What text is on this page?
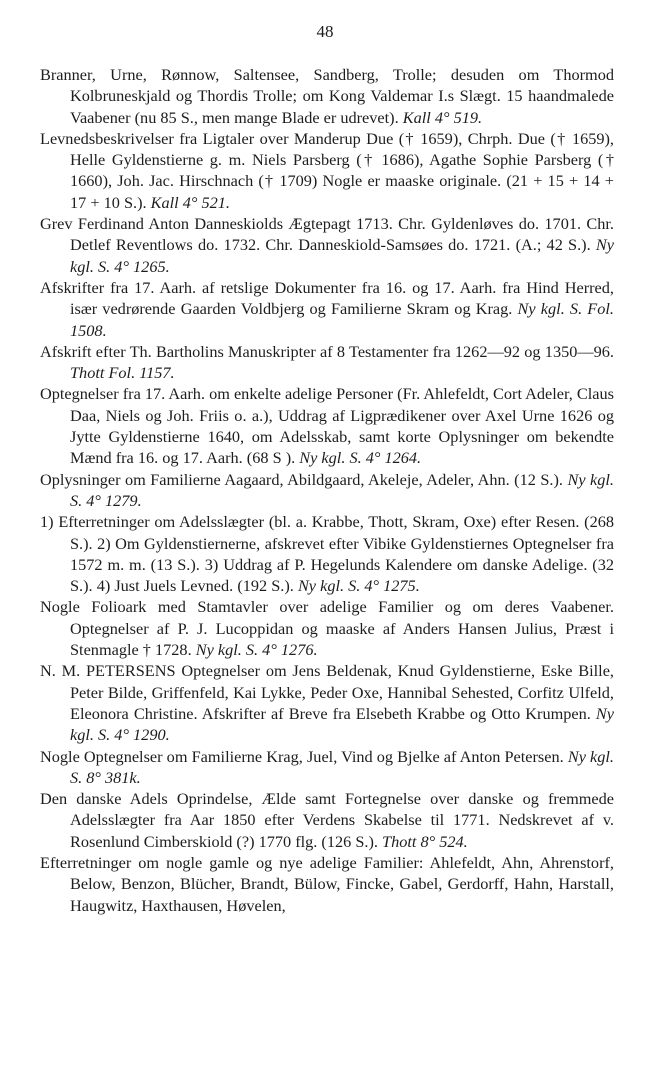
48
Branner, Urne, Rønnow, Saltensee, Sandberg, Trolle; desuden om Thormod Kolbruneskjald og Thordis Trolle; om Kong Valdemar I.s Slægt. 15 haandmalede Vaabener (nu 85 S., men mange Blade er udrevet). Kall 4° 519.
Levnedsbeskrivelser fra Ligtaler over Manderup Due († 1659), Chrph. Due († 1659), Helle Gyldenstierne g. m. Niels Parsberg († 1686), Agathe Sophie Parsberg († 1660), Joh. Jac. Hirschnach († 1709) Nogle er maaske originale. (21 + 15 + 14 + 17 + 10 S.). Kall 4° 521.
Grev Ferdinand Anton Danneskiolds Ægtepagt 1713. Chr. Gyldenløves do. 1701. Chr. Detlef Reventlows do. 1732. Chr. Danneskiold-Samsøes do. 1721. (A.; 42 S.). Ny kgl. S. 4° 1265.
Afskrifter fra 17. Aarh. af retslige Dokumenter fra 16. og 17. Aarh. fra Hind Herred, især vedrørende Gaarden Voldbjerg og Familierne Skram og Krag. Ny kgl. S. Fol. 1508.
Afskrift efter Th. Bartholins Manuskripter af 8 Testamenter fra 1262—92 og 1350—96. Thott Fol. 1157.
Optegnelser fra 17. Aarh. om enkelte adelige Personer (Fr. Ahlefeldt, Cort Adeler, Claus Daa, Niels og Joh. Friis o. a.), Uddrag af Ligprædikener over Axel Urne 1626 og Jytte Gyldenstierne 1640, om Adelsskab, samt korte Oplysninger om bekendte Mænd fra 16. og 17. Aarh. (68 S ). Ny kgl. S. 4° 1264.
Oplysninger om Familierne Aagaard, Abildgaard, Akeleje, Adeler, Ahn. (12 S.). Ny kgl. S. 4° 1279.
1) Efterretninger om Adelsslægter (bl. a. Krabbe, Thott, Skram, Oxe) efter Resen. (268 S.). 2) Om Gyldenstiernerne, afskrevet efter Vibike Gyldenstiernes Optegnelser fra 1572 m. m. (13 S.). 3) Uddrag af P. Hegelunds Kalendere om danske Adelige. (32 S.). 4) Just Juels Levned. (192 S.). Ny kgl. S. 4° 1275.
Nogle Folioark med Stamtavler over adelige Familier og om deres Vaabener. Optegnelser af P. J. Lucoppidan og maaske af Anders Hansen Julius, Præst i Stenmagle † 1728. Ny kgl. S. 4° 1276.
N. M. PETERSENS Optegnelser om Jens Beldenak, Knud Gyldenstierne, Eske Bille, Peter Bilde, Griffenfeld, Kai Lykke, Peder Oxe, Hannibal Sehested, Corfitz Ulfeld, Eleonora Christine. Afskrifter af Breve fra Elsebeth Krabbe og Otto Krumpen. Ny kgl. S. 4° 1290.
Nogle Optegnelser om Familierne Krag, Juel, Vind og Bjelke af Anton Petersen. Ny kgl. S. 8° 381k.
Den danske Adels Oprindelse, Ælde samt Fortegnelse over danske og fremmede Adelsslægter fra Aar 1850 efter Verdens Skabelse til 1771. Nedskrevet af v. Rosenlund Cimberskiold (?) 1770 flg. (126 S.). Thott 8° 524.
Efterretninger om nogle gamle og nye adelige Familier: Ahlefeldt, Ahn, Ahrenstorf, Below, Benzon, Blücher, Brandt, Bülow, Fincke, Gabel, Gerdorff, Hahn, Harstall, Haugwitz, Haxthausen, Høvelen,
